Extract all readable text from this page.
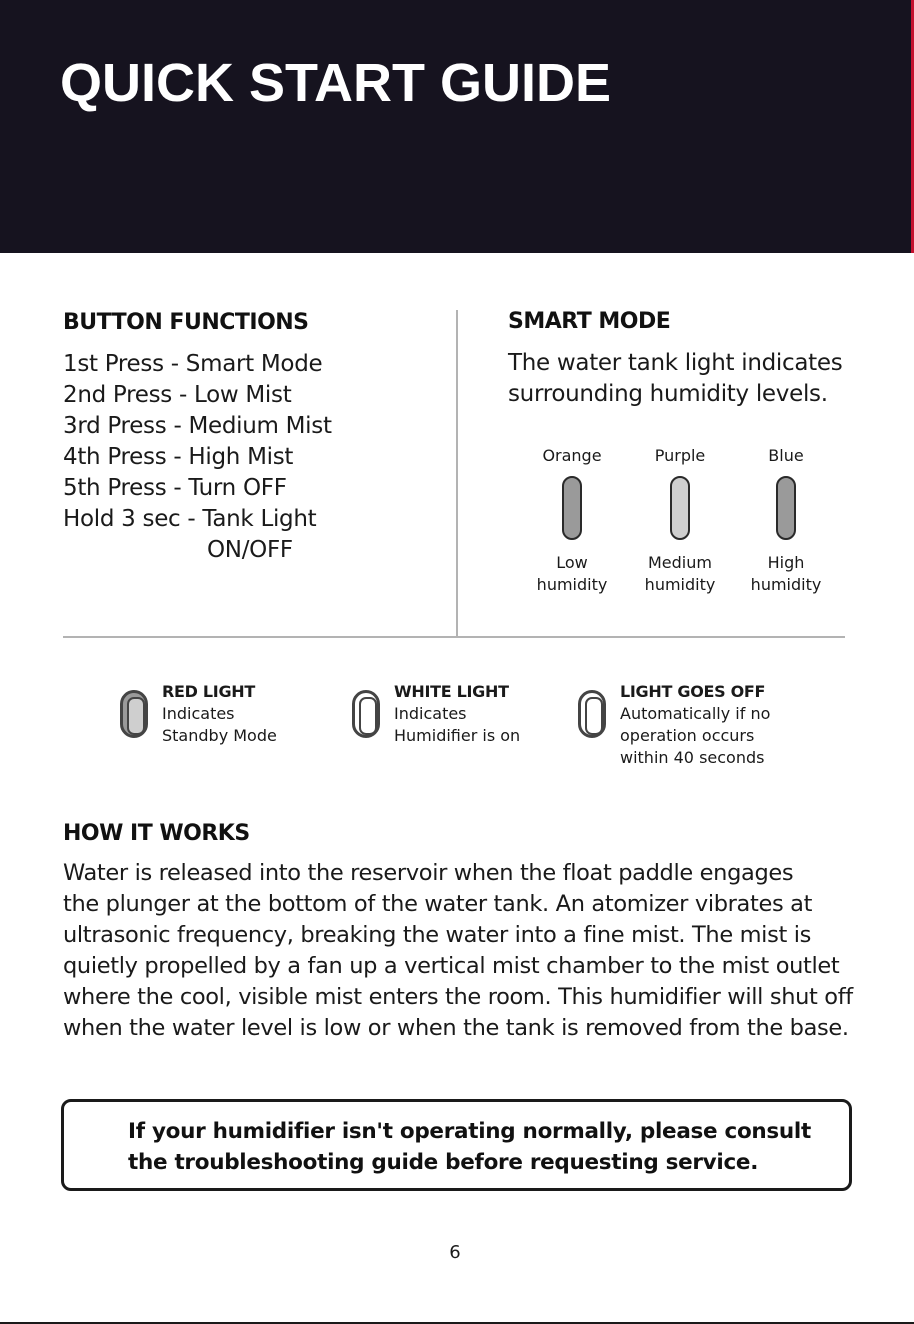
QUICK START GUIDE
BUTTON FUNCTIONS
1st Press - Smart Mode
2nd Press - Low Mist
3rd Press - Medium Mist
4th Press - High Mist
5th Press - Turn OFF
Hold 3 sec - Tank Light
ON/OFF
SMART MODE
The water tank light indicates
surrounding humidity levels.
Orange
Low
humidity
Purple
Medium
humidity
Blue
High
humidity
RED LIGHT
Indicates
Standby Mode
WHITE LIGHT
Indicates
Humidifier is on
LIGHT GOES OFF
Automatically if no
operation occurs
within 40 seconds
HOW IT WORKS
Water is released into the reservoir when the float paddle engages
the plunger at the bottom of the water tank. An atomizer vibrates at
ultrasonic frequency, breaking the water into a fine mist. The mist is
quietly propelled by a fan up a vertical mist chamber to the mist outlet
where the cool, visible mist enters the room. This humidifier will shut off
when the water level is low or when the tank is removed from the base.
If your humidifier isn't operating normally, please consult
the troubleshooting guide before requesting service.
6
